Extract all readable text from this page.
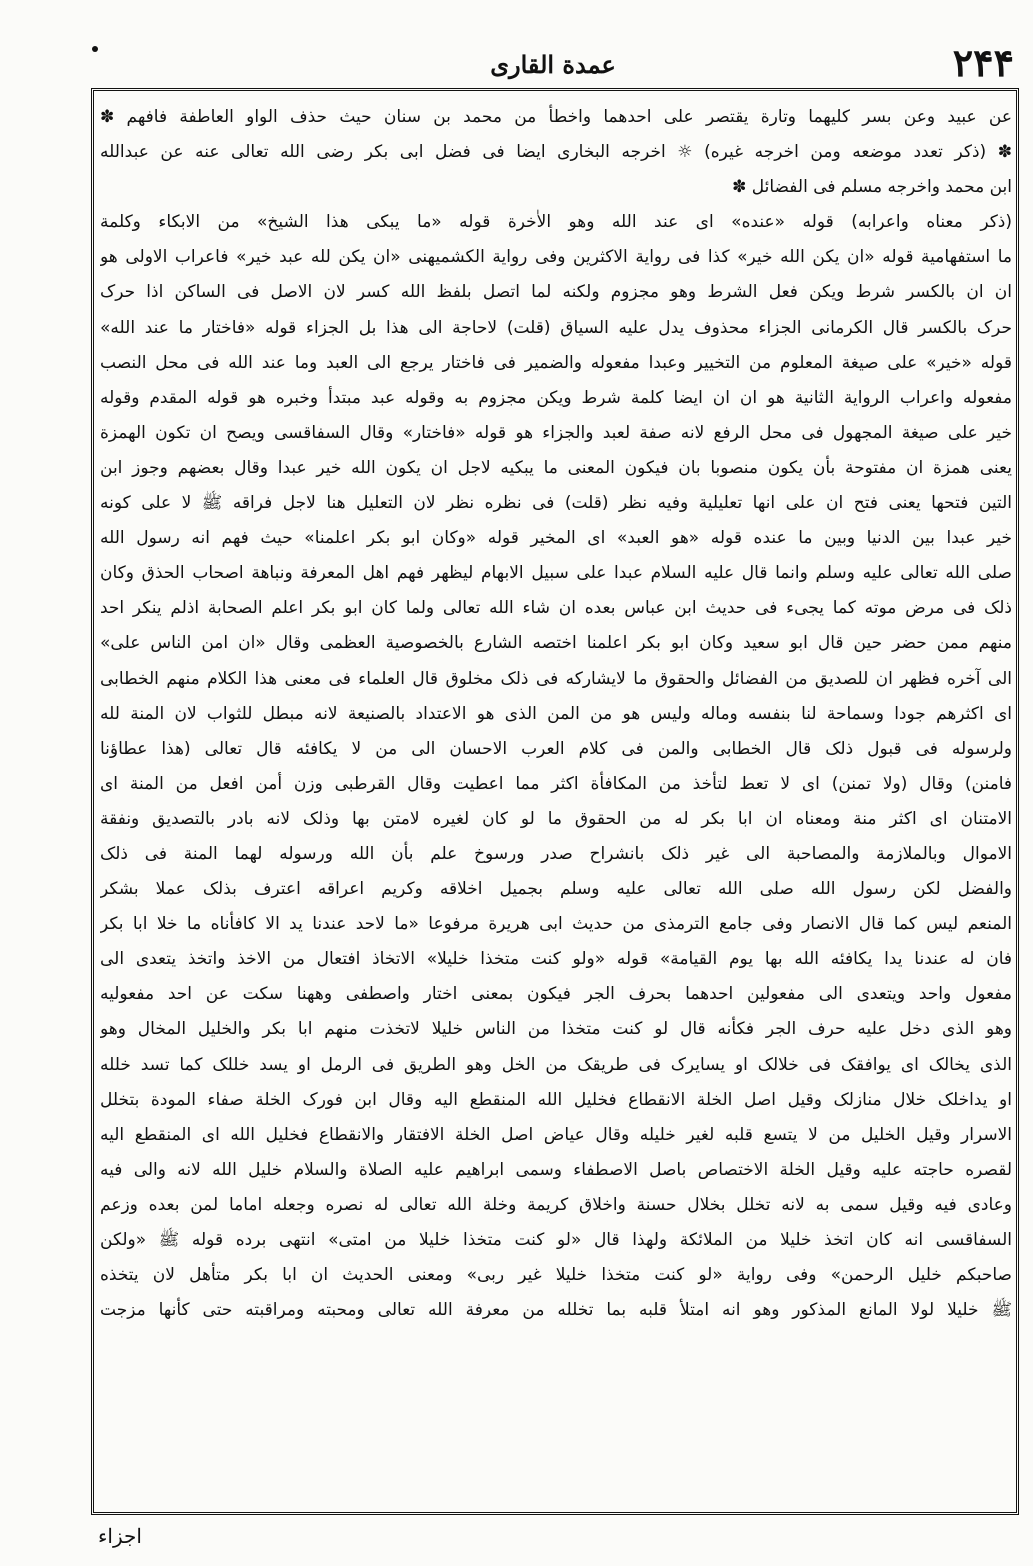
عمدة القاری	۲۴۴
عن عبید وعن بسر کلیهما وتارة یقتصر علی احدهما واخطأ من محمد بن سنان حیث حذف الواو العاطفة فافهم ✽
✽ (ذکر تعدد موضعه ومن اخرجه غیره) ☼ اخرجه البخاری ایضا فی فضل ابی بکر رضی الله تعالی عنه عن عبدالله
ابن محمد واخرجه مسلم فی الفضائل ✽
(ذکر معناه واعرابه) قوله «عنده» ای عند الله وهو الاٰخرة قوله «ما یبکی هذا الشیخ» من الابکاء وکلمة
ما استفهامیة قوله «ان یکن الله خیر» کذا فی روایة الاکثرین وفی روایة الکشمیهنی «ان یکن لله عبد خیر» فاعراب الاولی هو
ان ان بالکسر شرط ویکن فعل الشرط وهو مجزوم ولکنه لما اتصل بلفظ الله کسر لان الاصل فی الساکن اذا حرک
حرک بالکسر قال الکرمانی الجزاء محذوف یدل علیه السیاق (قلت) لاحاجة الی هذا بل الجزاء قوله «فاختار ما عند الله»
قوله «خیر» علی صیغة المعلوم من التخییر وعبدا مفعوله والضمیر فی فاختار یرجع الی العبد وما عند الله فی محل النصب
مفعوله واعراب الروایة الثانیة هو ان ان ایضا کلمة شرط ویکن مجزوم به وقوله عبد مبتدأ وخبره هو قوله المقدم وقوله
خیر علی صیغة المجهول فی محل الرفع لانه صفة لعبد والجزاء هو قوله «فاختار» وقال السفاقسی ویصح ان تکون الهمزة
یعنی همزة ان مفتوحة بأن یکون منصوبا بان فیکون المعنی ما یبکیه لاجل ان یکون الله خیر عبدا وقال بعضهم وجوز ابن
التین فتحها یعنی فتح ان علی انها تعلیلیة وفیه نظر (قلت) فی نظره نظر لان التعلیل هنا لاجل فراقه ﷺ لا علی کونه
خیر عبدا بین الدنیا وبین ما عنده قوله «هو العبد» ای المخیر قوله «وکان ابو بکر اعلمنا» حیث فهم انه رسول الله
صلی الله تعالی علیه وسلم وانما قال علیه السلام عبدا علی سبیل الابهام لیظهر فهم اهل المعرفة ونباهة اصحاب الحذق وکان
ذلک فی مرض موته کما یجیء فی حدیث ابن عباس بعده ان شاء الله تعالی ولما کان ابو بکر اعلم الصحابة اذلم ینکر احد
منهم ممن حضر حین قال ابو سعید وکان ابو بکر اعلمنا اختصه الشارع بالخصوصیة العظمی وقال «ان امن الناس علی»
الی آخره فظهر ان للصدیق من الفضائل والحقوق ما لایشارکه فی ذلک مخلوق قال العلماء فی معنی هذا الکلام منهم الخطابی
ای اکثرهم جودا وسماحة لنا بنفسه وماله ولیس هو من المن الذی هو الاعتداد بالصنیعة لانه مبطل للثواب لان المنة لله
ولرسوله فی قبول ذلک قال الخطابی والمن فی کلام العرب الاحسان الی من لا یکافئه قال تعالی (هذا عطاؤنا
فامنن) وقال (ولا تمنن) ای لا تعط لتأخذ من المکافأة اکثر مما اعطیت وقال القرطبی وزن أمن افعل من المنة ای
الامتنان ای اکثر منة ومعناه ان ابا بکر له من الحقوق ما لو کان لغیره لامتن بها وذلک لانه بادر بالتصدیق ونفقة
الاموال وبالملازمة والمصاحبة الی غیر ذلک بانشراح صدر ورسوخ علم بأن الله ورسوله لهما المنة فی ذلک
والفضل لکن رسول الله صلی الله تعالی علیه وسلم بجمیل اخلاقه وکریم اعراقه اعترف بذلک عملا بشکر
المنعم لیس کما قال الانصار وفی جامع الترمذی من حدیث ابی هریرة مرفوعا «ما لاحد عندنا ید الا کافأناه ما خلا ابا بکر
فان له عندنا یدا یکافئه الله بها یوم القیامة» قوله «ولو کنت متخذا خلیلا» الاتخاذ افتعال من الاخذ واتخذ یتعدی الی
مفعول واحد ویتعدی الی مفعولین احدهما بحرف الجر فیکون بمعنی اختار واصطفی وههنا سکت عن احد مفعولیه
وهو الذی دخل علیه حرف الجر فکأنه قال لو کنت متخذا من الناس خلیلا لاتخذت منهم ابا بکر والخلیل المخال وهو
الذی یخالک ای یوافقک فی خلالک او یسایرک فی طریقک من الخل وهو الطریق فی الرمل او یسد خللک کما تسد خلله
او یداخلک خلال منازلک وقیل اصل الخلة الانقطاع فخلیل الله المنقطع الیه وقال ابن فورک الخلة صفاء المودة بتخلل
الاسرار وقیل الخلیل من لا یتسع قلبه لغیر خلیله وقال عیاض اصل الخلة الافتقار والانقطاع فخلیل الله ای المنقطع الیه
لقصره حاجته علیه وقیل الخلة الاختصاص باصل الاصطفاء وسمی ابراهیم علیه الصلاة والسلام خلیل الله لانه والی فیه
وعادی فیه وقیل سمی به لانه تخلل بخلال حسنة واخلاق کریمة وخلة الله تعالی له نصره وجعله اماما لمن بعده وزعم
السفاقسی انه کان اتخذ خلیلا من الملائکة ولهذا قال «لو کنت متخذا خلیلا من امتی» انتهی برده قوله ﷺ «ولکن
صاحبکم خلیل الرحمن» وفی روایة «لو کنت متخذا خلیلا غیر ربی» ومعنی الحدیث ان ابا بکر متأهل لان یتخذه
ﷺ خلیلا لولا المانع المذکور وهو انه امتلأ قلبه بما تخلله من معرفة الله تعالی ومحبته ومراقبته حتی کأنها مزجت
اجزاء
